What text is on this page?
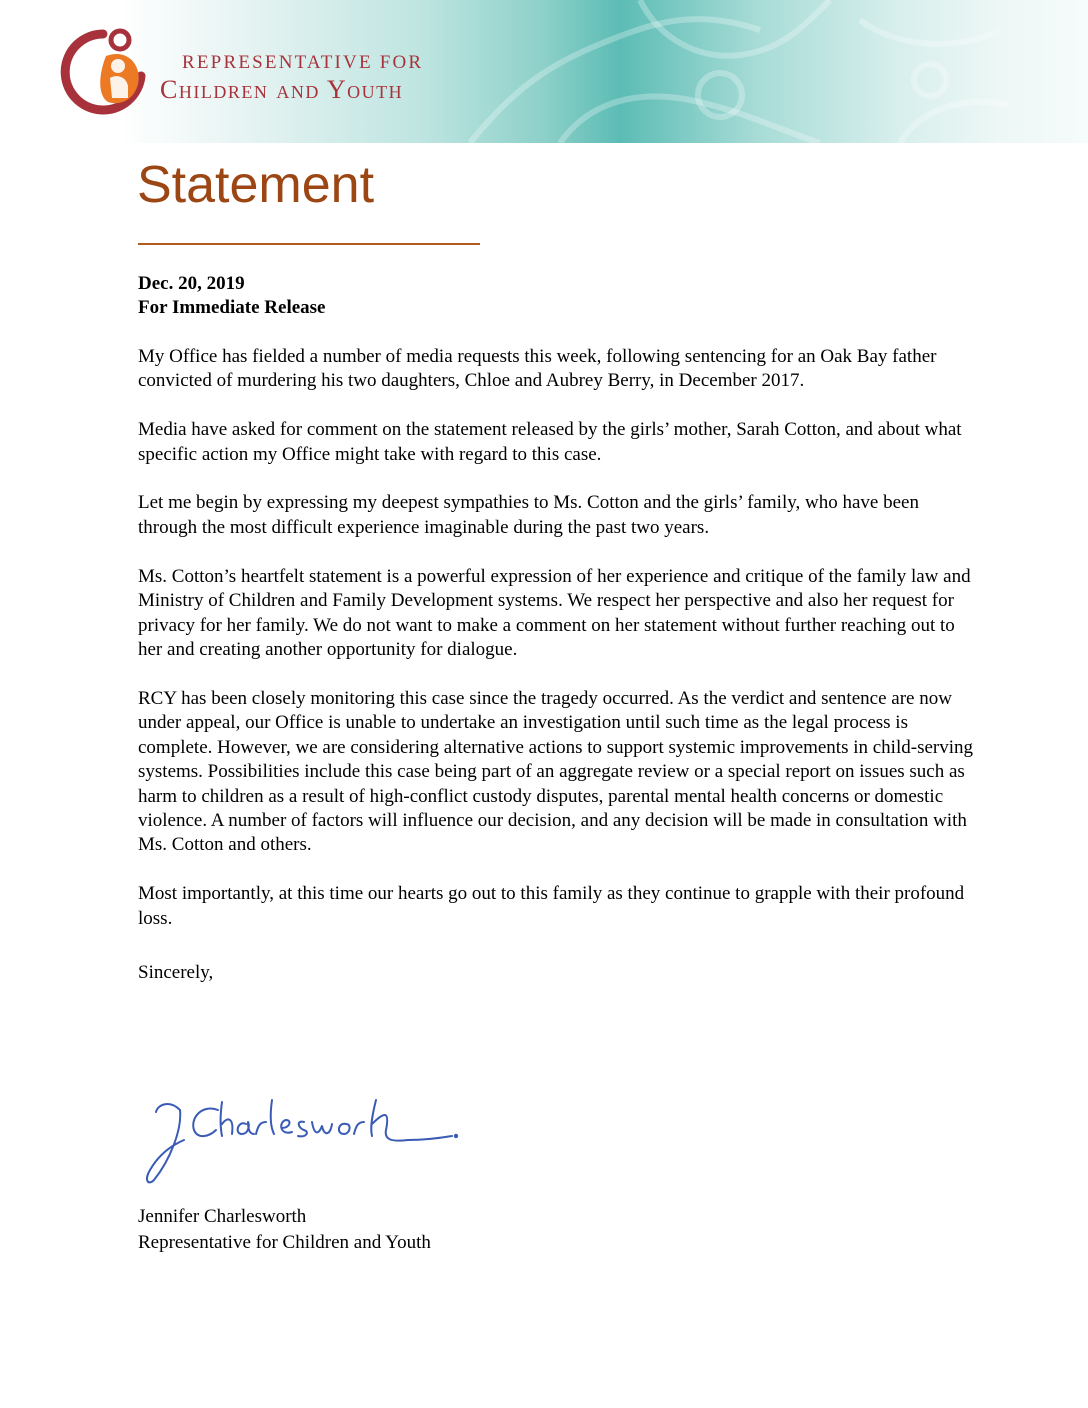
REPRESENTATIVE FOR
Children and Youth
Statement
Dec. 20, 2019
For Immediate Release

My Office has fielded a number of media requests this week, following sentencing for an Oak Bay father convicted of murdering his two daughters, Chloe and Aubrey Berry, in December 2017.

Media have asked for comment on the statement released by the girls’ mother, Sarah Cotton, and about what specific action my Office might take with regard to this case.

Let me begin by expressing my deepest sympathies to Ms. Cotton and the girls’ family, who have been through the most difficult experience imaginable during the past two years.

Ms. Cotton’s heartfelt statement is a powerful expression of her experience and critique of the family law and Ministry of Children and Family Development systems. We respect her perspective and also her request for privacy for her family. We do not want to make a comment on her statement without further reaching out to her and creating another opportunity for dialogue.

RCY has been closely monitoring this case since the tragedy occurred. As the verdict and sentence are now under appeal, our Office is unable to undertake an investigation until such time as the legal process is complete. However, we are considering alternative actions to support systemic improvements in child-serving systems. Possibilities include this case being part of an aggregate review or a special report on issues such as harm to children as a result of high-conflict custody disputes, parental mental health concerns or domestic violence. A number of factors will influence our decision, and any decision will be made in consultation with Ms. Cotton and others.

Most importantly, at this time our hearts go out to this family as they continue to grapple with their profound loss.

Sincerely,

Jennifer Charlesworth
Representative for Children and Youth
